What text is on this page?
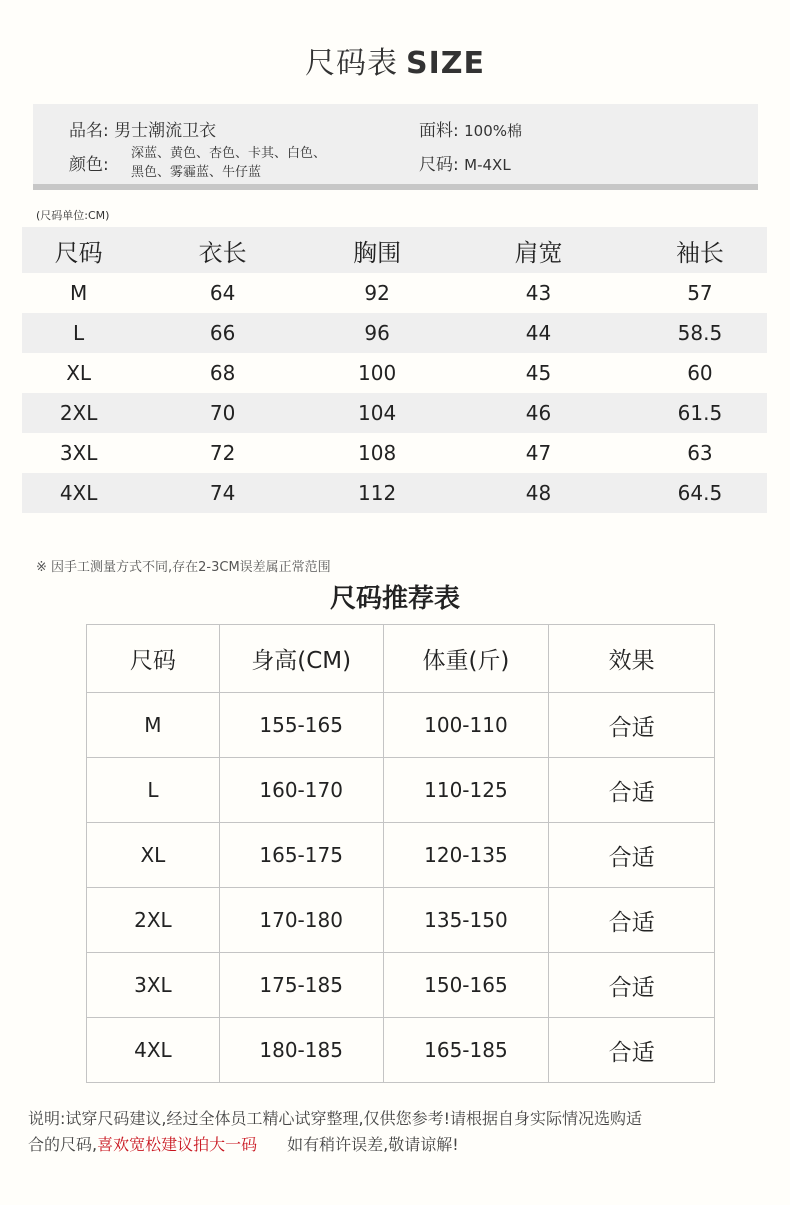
尺码表 SIZE
品名: 男士潮流卫衣	面料: 100%棉
颜色:
深蓝、黄色、杏色、卡其、白色、
黑色、雾霾蓝、牛仔蓝	尺码: M-4XL
(尺码单位:CM)
尺码	衣长	胸围	肩宽	袖长
M	64	92	43	57
L	66	96	44	58.5
XL	68	100	45	60
2XL	70	104	46	61.5
3XL	72	108	47	63
4XL	74	112	48	64.5
※ 因手工测量方式不同,存在2-3CM误差属正常范围
尺码推荐表
尺码	身高(CM)	体重(斤)	效果
M	155-165	100-110	合适
L	160-170	110-125	合适
XL	165-175	120-135	合适
2XL	170-180	135-150	合适
3XL	175-185	150-165	合适
4XL	180-185	165-185	合适
说明:试穿尺码建议,经过全体员工精心试穿整理,仅供您参考!请根据自身实际情况选购适
合的尺码,喜欢宽松建议拍大一码 如有稍许误差,敬请谅解!
